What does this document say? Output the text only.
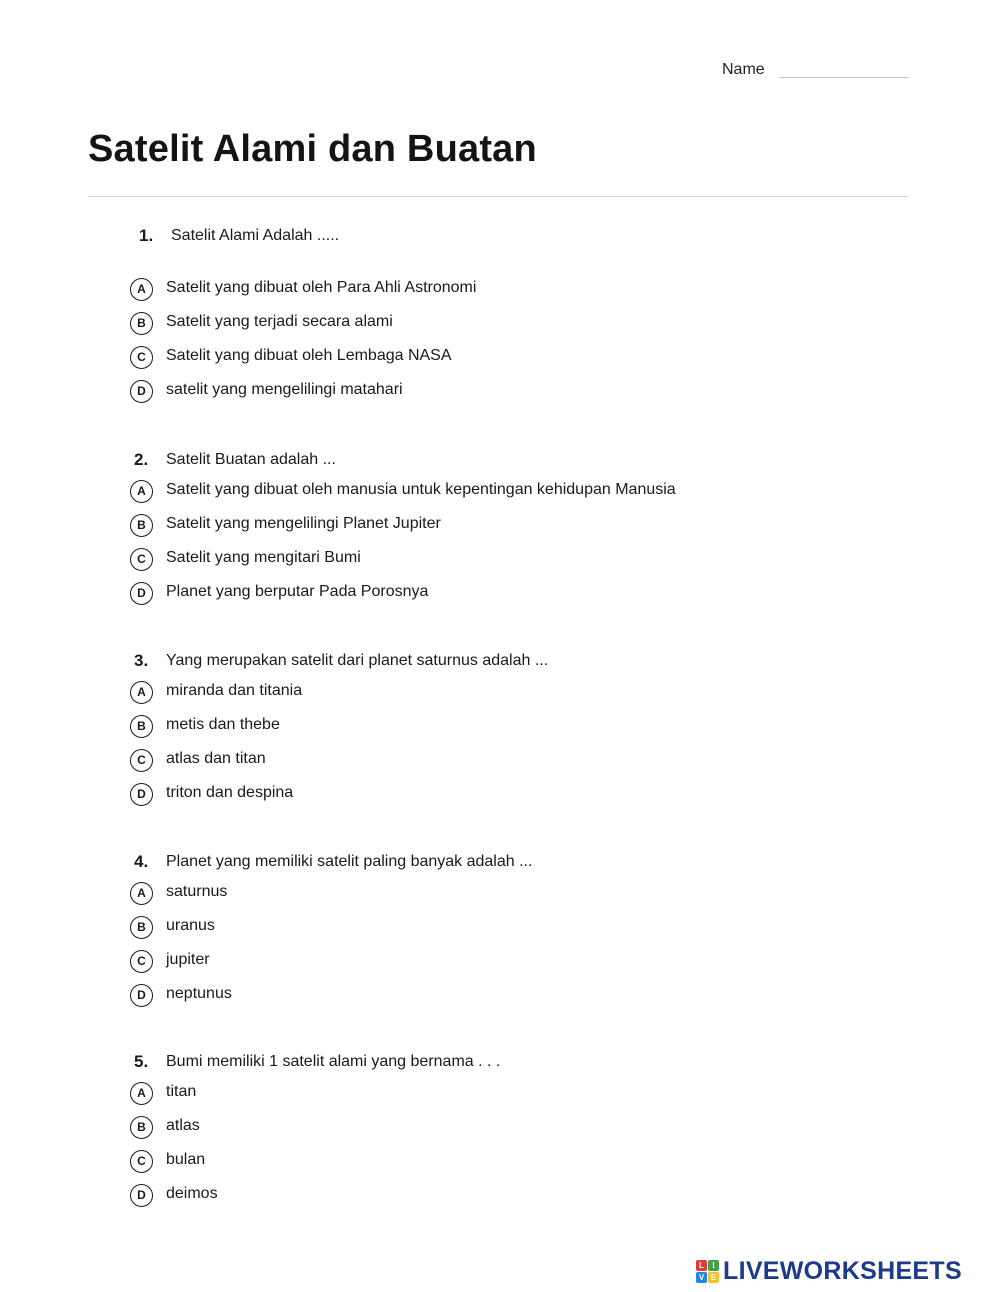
Name
Satelit Alami dan Buatan
1. Satelit Alami Adalah .....
A	Satelit yang dibuat oleh Para Ahli Astronomi
B	Satelit yang terjadi secara alami
C	Satelit yang dibuat oleh Lembaga NASA
D	satelit yang mengelilingi matahari
2. Satelit Buatan adalah ...
A	Satelit yang dibuat oleh manusia untuk kepentingan kehidupan Manusia
B	Satelit yang mengelilingi Planet Jupiter
C	Satelit yang mengitari Bumi
D	Planet yang berputar Pada Porosnya
3. Yang merupakan satelit dari planet saturnus adalah ...
A	miranda dan titania
B	metis dan thebe
C	atlas dan titan
D	triton dan despina
4. Planet yang memiliki satelit paling banyak adalah ...
A	saturnus
B	uranus
C	jupiter
D	neptunus
5. Bumi memiliki 1 satelit alami yang bernama . . .
A	titan
B	atlas
C	bulan
D	deimos
L	I
V E LIVEWORKSHEETS
